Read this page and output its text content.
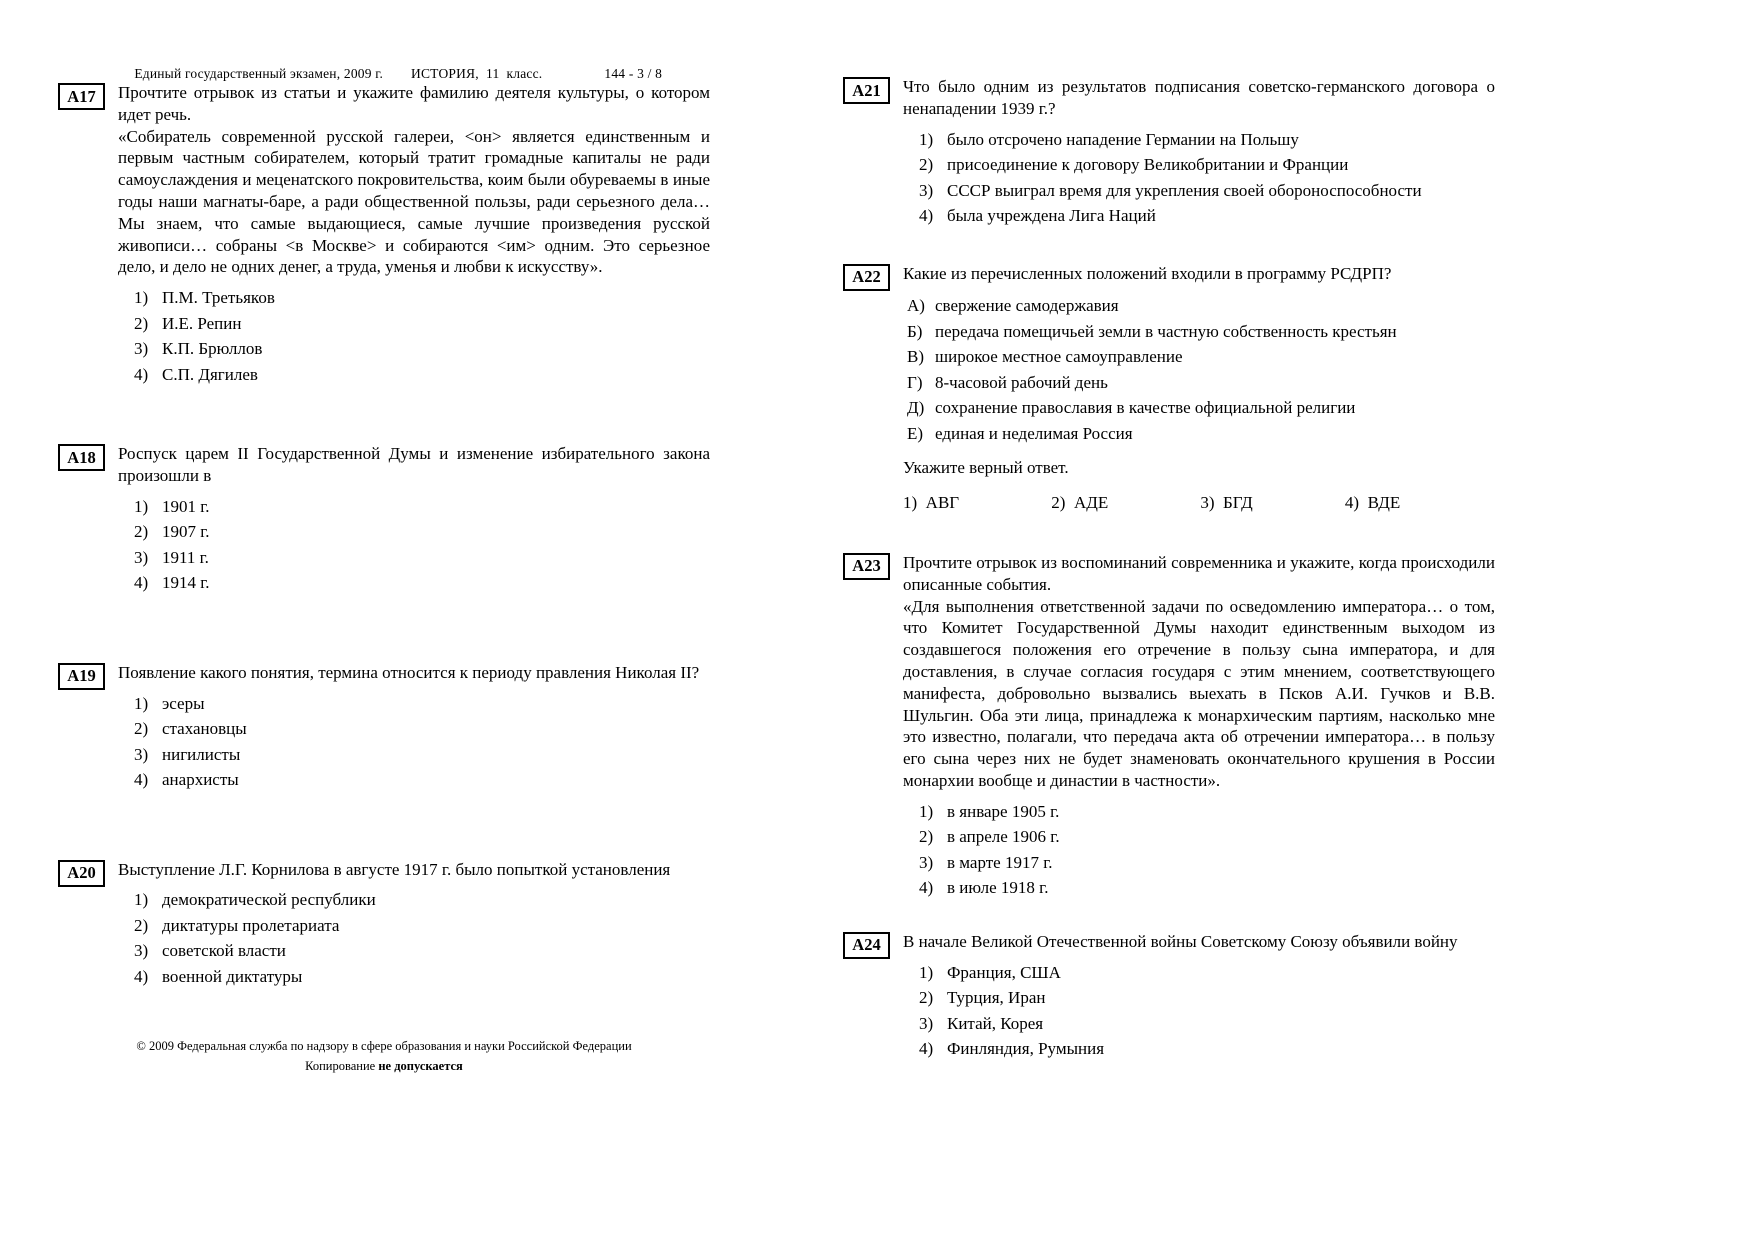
Единый государственный экзамен, 2009 г. ИСТОРИЯ,  11  класс.	144 - 3 / 8

A17	Прочтите отрывок из статьи и укажите фамилию деятеля культуры, о котором идет речь.
«Собиратель современной русской галереи, <он> является единственным и первым частным собирателем, который тратит громадные капиталы не ради самоуслаждения и меценатского покровительства, коим были обуреваемы в иные годы наши магнаты-баре, а ради общественной пользы, ради серьезного дела… Мы знаем, что самые выдающиеся, самые лучшие произведения русской живописи… собраны <в Москве> и собираются <им> одним. Это серьезное дело, и дело не одних денег, а труда, уменья и любви к искусству».
1) П.М. Третьяков
2) И.Е. Репин
3) К.П. Брюллов
4) С.П. Дягилев
A18	Роспуск царем II Государственной Думы и изменение избирательного закона произошли в
1) 1901 г.
2) 1907 г.
3) 1911 г.
4) 1914 г.
A19	Появление какого понятия, термина относится к периоду правления Николая II?
1) эсеры
2) стахановцы
3) нигилисты
4) анархисты
A20	Выступление Л.Г. Корнилова в августе 1917 г. было попыткой установления
1) демократической республики
2) диктатуры пролетариата
3) советской власти
4) военной диктатуры
A21	Что было одним из результатов подписания советско-германского договора о ненападении 1939 г.?
1) было отсрочено нападение Германии на Польшу
2) присоединение к договору Великобритании и Франции
3) СССР выиграл время для укрепления своей обороноспособности
4) была учреждена Лига Наций
A22	Какие из перечисленных положений входили в программу РСДРП?
А) свержение самодержавия
Б) передача помещичьей земли в частную собственность крестьян
В) широкое местное самоуправление
Г) 8-часовой рабочий день
Д) сохранение православия в качестве официальной религии
Е) единая и неделимая Россия
Укажите верный ответ.
1)  АВГ	2)  АДЕ	3)  БГД	4)  ВДЕ
A23	Прочтите отрывок из воспоминаний современника и укажите, когда происходили описанные события.
«Для выполнения ответственной задачи по осведомлению императора… о том, что Комитет Государственной Думы находит единственным выходом из создавшегося положения его отречение в пользу сына императора, и для доставления, в случае согласия государя с этим мнением, соответствующего манифеста, добровольно вызвались выехать в Псков А.И. Гучков и В.В. Шульгин. Оба эти лица, принадлежа к монархическим партиям, насколько мне это известно, полагали, что передача акта об отречении императора… в пользу его сына через них не будет знаменовать окончательного крушения в России монархии вообще и династии в частности».
1) в январе 1905 г.
2) в апреле 1906 г.
3) в марте 1917 г.
4) в июле 1918 г.
A24	В начале Великой Отечественной войны Советскому Союзу объявили войну
1) Франция, США
2) Турция, Иран
3) Китай, Корея
4) Финляндия, Румыния
© 2009 Федеральная служба по надзору в сфере образования и науки Российской Федерации
Копирование не допускается
